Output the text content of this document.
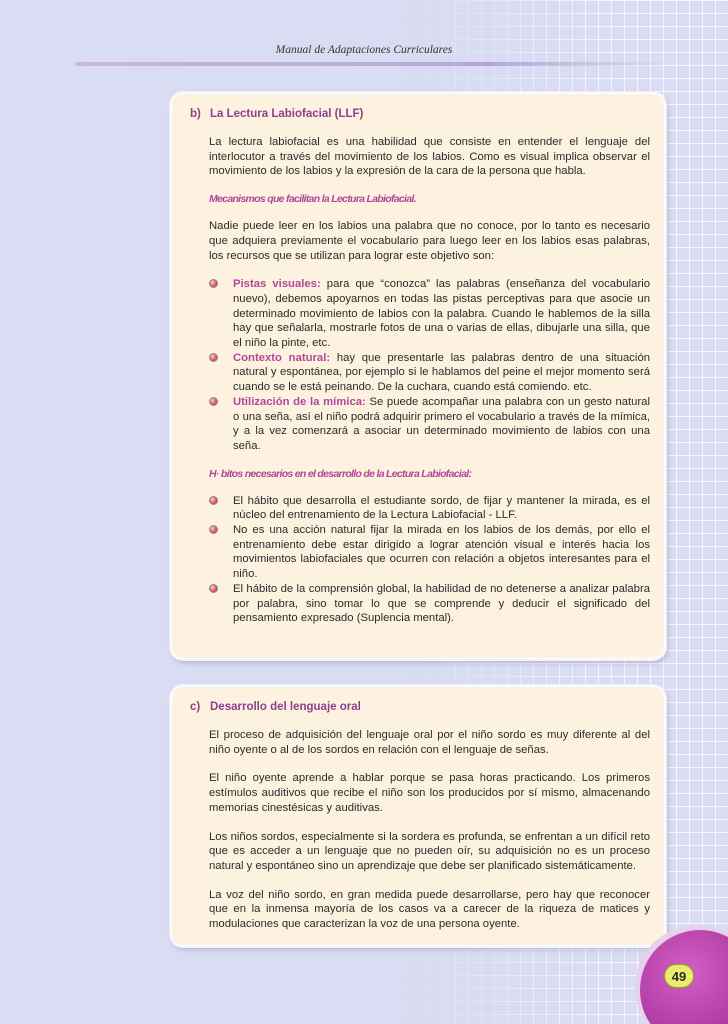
Manual de Adaptaciones Curriculares
b) La Lectura Labiofacial (LLF)

La lectura labiofacial es una habilidad que consiste en entender el lenguaje del interlocutor a través del movimiento de los labios. Como es visual implica observar el movimiento de los labios y la expresión de la cara de la persona que habla.

Mecanismos que facilitan la Lectura Labiofacial.

Nadie puede leer en los labios una palabra que no conoce, por lo tanto es necesario que adquiera previamente el vocabulario para luego leer en los labios esas palabras, los recursos que se utilizan para lograr este objetivo son:

Pistas visuales: para que “conozca” las palabras (enseñanza del vocabulario nuevo), debemos apoyarnos en todas las pistas perceptivas para que asocie un determinado movimiento de labios con la palabra. Cuando le hablemos de la silla hay que señalarla, mostrarle fotos de una o varias de ellas, dibujarle una silla, que el niño la pinte, etc.
Contexto natural: hay que presentarle las palabras dentro de una situación natural y espontánea, por ejemplo si le hablamos del peine el mejor momento será cuando se le está peinando. De la cuchara, cuando está comiendo. etc.
Utilización de la mímica: Se puede acompañar una palabra con un gesto natural o una seña, así el niño podrá adquirir primero el vocabulario a través de la mímica, y a la vez comenzará a asociar un determinado movimiento de labios con una seña.
H· bitos necesarios en el desarrollo de la Lectura Labiofacial:
El hábito que desarrolla el estudiante sordo, de fijar y mantener la mirada, es el núcleo del entrenamiento de la Lectura Labiofacial - LLF.
No es una acción natural fijar la mirada en los labios de los demás, por ello el entrenamiento debe estar dirigido a lograr atención visual e interés hacia los movimientos labiofaciales que ocurren con relación a objetos interesantes para el niño.
El hábito de la comprensión global, la habilidad de no detenerse a analizar palabra por palabra, sino tomar lo que se comprende y deducir el significado del pensamiento expresado (Suplencia mental).
c) Desarrollo del lenguaje oral

El proceso de adquisición del lenguaje oral por el niño sordo es muy diferente al del niño oyente o al de los sordos en relación con el lenguaje de señas.

El niño oyente aprende a hablar porque se pasa horas practicando. Los primeros estímulos auditivos que recibe el niño son los producidos por sí mismo, almacenando memorias cinestésicas y auditivas.

Los niños sordos, especialmente si la sordera es profunda, se enfrentan a un difícil reto que es acceder a un lenguaje que no pueden oír, su adquisición no es un proceso natural y espontáneo sino un aprendizaje que debe ser planificado sistemáticamente.

La voz del niño sordo, en gran medida puede desarrollarse, pero hay que reconocer que en la inmensa mayoría de los casos va a carecer de la riqueza de matices y modulaciones que caracterizan la voz de una persona oyente.

49
